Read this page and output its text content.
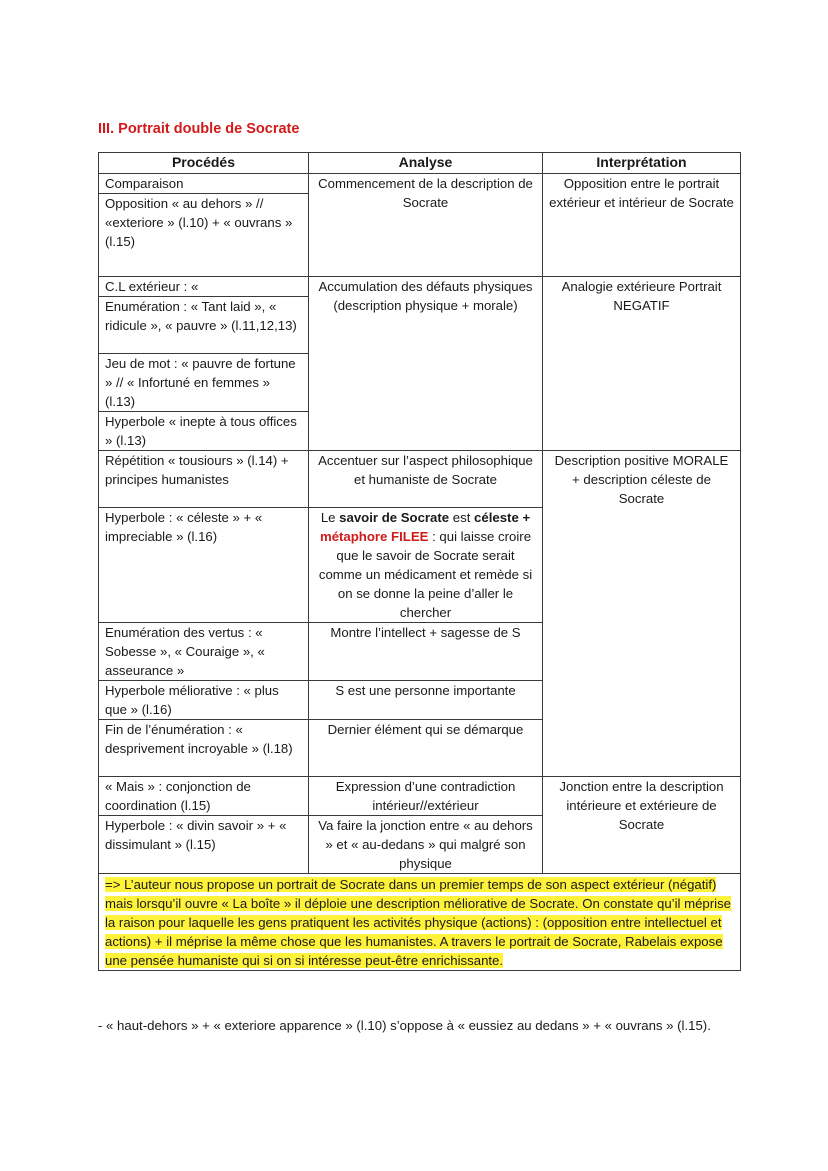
III. Portrait double de Socrate
Procédés	Analyse	Interprétation
Comparaison	Commencement de la description de Socrate	Opposition entre le portrait extérieur et intérieur de Socrate
Opposition « au dehors » // «exteriore » (l.10) + « ouvrans » (l.15)		
C.L extérieur : «	Accumulation des défauts physiques (description physique + morale)	Analogie extérieure Portrait NEGATIF
Enumération : « Tant laid », « ridicule », « pauvre » (l.11,12,13)		
Jeu de mot : « pauvre de fortune » // « Infortuné en femmes » (l.13)		
Hyperbole « inepte à tous offices » (l.13)		
Répétition « tousiours » (l.14) + principes humanistes	Accentuer sur l’aspect philosophique et humaniste de Socrate	Description positive MORALE + description céleste de Socrate
Hyperbole : « céleste » + « impreciable » (l.16)	Le savoir de Socrate est céleste + métaphore FILEE : qui laisse croire que le savoir de Socrate serait comme un médicament et remède si on se donne la peine d’aller le chercher	
Enumération des vertus : « Sobesse », « Couraige », « asseurance »	Montre l’intellect + sagesse de S	
Hyperbole méliorative : « plus que » (l.16)	S est une personne importante	
Fin de l’énumération : « desprivement incroyable » (l.18)	Dernier élément qui se démarque	
« Mais » : conjonction de coordination (l.15)	Expression d’une contradiction intérieur//extérieur	Jonction entre la description intérieure et extérieure de Socrate
Hyperbole : « divin savoir » + « dissimulant » (l.15)	Va faire la jonction entre « au dehors » et « au-dedans » qui malgré son physique	
=> L’auteur nous propose un portrait de Socrate dans un premier temps de son aspect extérieur (négatif) mais lorsqu’il ouvre « La boîte » il déploie une description méliorative de Socrate. On constate qu’il méprise la raison pour laquelle les gens pratiquent les activités physique (actions) : (opposition entre intellectuel et actions) + il méprise la même chose que les humanistes. A travers le portrait de Socrate, Rabelais expose une pensée humaniste qui si on si intéresse peut-être enrichissante.		
- « haut-dehors » + « exteriore apparence » (l.10) s’oppose à « eussiez au dedans » + « ouvrans » (l.15).
